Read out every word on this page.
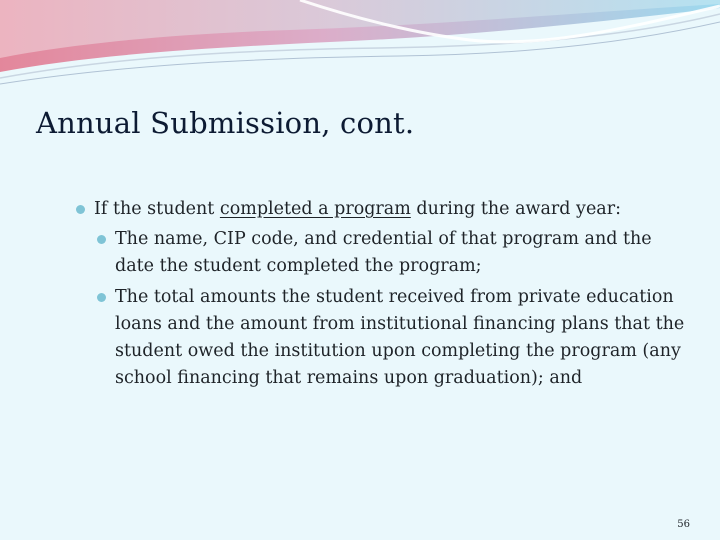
Annual Submission, cont.
If the student completed a program during the award year:
The name, CIP code, and credential of that program and the date the student completed the program;
The total amounts the student received from private education loans and the amount from institutional financing plans that the student owed the institution upon completing the program (any school financing that remains upon graduation); and
56
